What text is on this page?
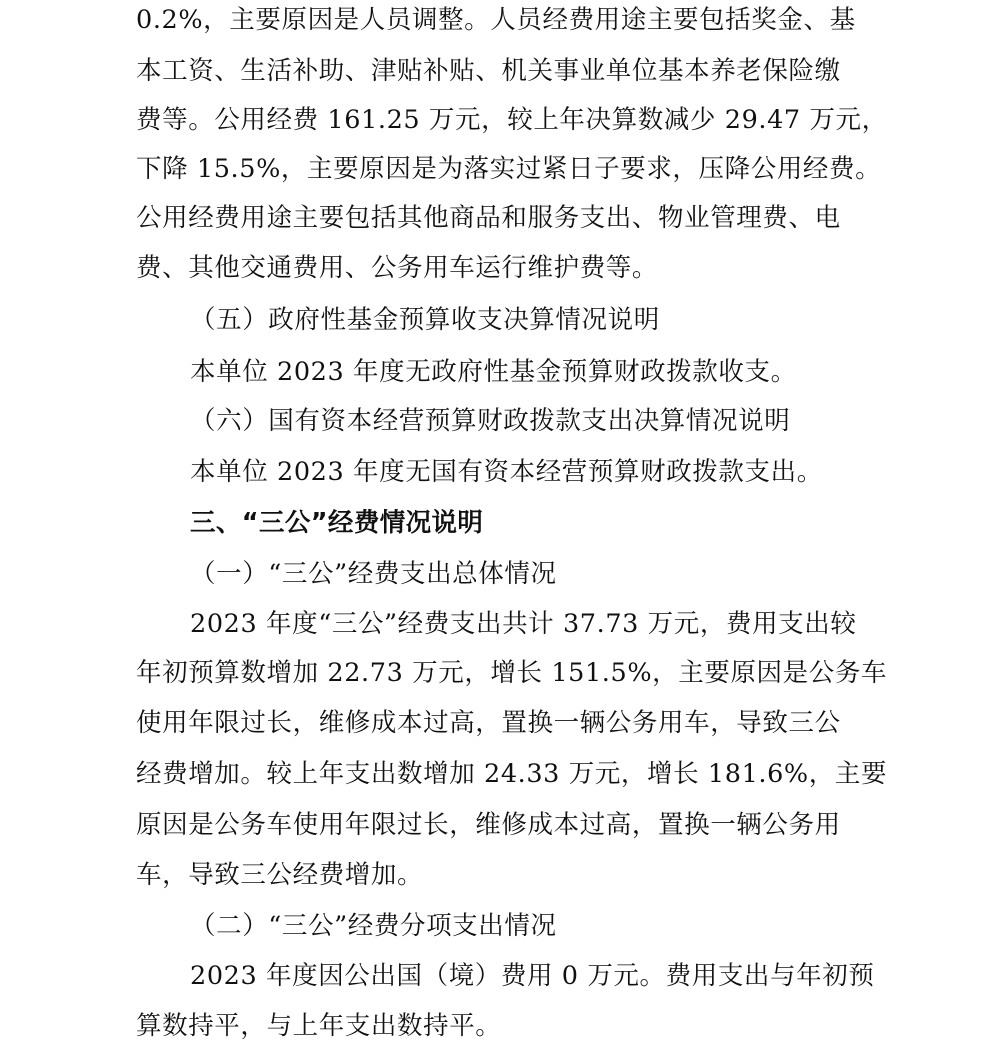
0.2%，主要原因是人员调整。人员经费用途主要包括奖金、基
本工资、生活补助、津贴补贴、机关事业单位基本养老保险缴
费等。公用经费 161.25 万元，较上年决算数减少 29.47 万元，
下降 15.5%，主要原因是为落实过紧日子要求，压降公用经费。
公用经费用途主要包括其他商品和服务支出、物业管理费、电
费、其他交通费用、公务用车运行维护费等。
（五）政府性基金预算收支决算情况说明
本单位 2023 年度无政府性基金预算财政拨款收支。
（六）国有资本经营预算财政拨款支出决算情况说明
本单位 2023 年度无国有资本经营预算财政拨款支出。
三、“三公”经费情况说明
（一）“三公”经费支出总体情况
2023 年度“三公”经费支出共计 37.73 万元，费用支出较
年初预算数增加 22.73 万元，增长 151.5%，主要原因是公务车
使用年限过长，维修成本过高，置换一辆公务用车，导致三公
经费增加。较上年支出数增加 24.33 万元，增长 181.6%，主要
原因是公务车使用年限过长，维修成本过高，置换一辆公务用
车，导致三公经费增加。
（二）“三公”经费分项支出情况
2023 年度因公出国（境）费用 0 万元。费用支出与年初预
算数持平，与上年支出数持平。
